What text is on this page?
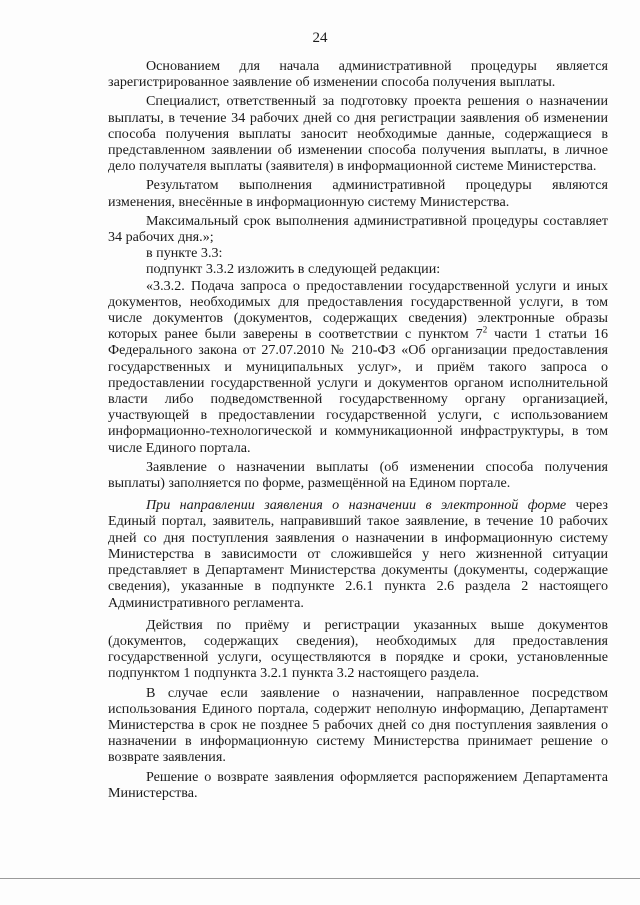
24

Основанием для начала административной процедуры является зарегистрированное заявление об изменении способа получения выплаты.

Специалист, ответственный за подготовку проекта решения о назначении выплаты, в течение 34 рабочих дней со дня регистрации заявления об изменении способа получения выплаты заносит необходимые данные, содержащиеся в представленном заявлении об изменении способа получения выплаты, в личное дело получателя выплаты (заявителя) в информационной системе Министерства.

Результатом выполнения административной процедуры являются изменения, внесённые в информационную систему Министерства.

Максимальный срок выполнения административной процедуры составляет 34 рабочих дня.»;

в пункте 3.3:

подпункт 3.3.2 изложить в следующей редакции:

«3.3.2. Подача запроса о предоставлении государственной услуги и иных документов, необходимых для предоставления государственной услуги, в том числе документов (документов, содержащих сведения) электронные образы которых ранее были заверены в соответствии с пунктом $7^2$ части 1 статьи 16 Федерального закона от 27.07.2010 № 210-ФЗ «Об организации предоставления государственных и муниципальных услуг», и приём такого запроса о предоставлении государственной услуги и документов органом исполнительной власти либо подведомственной государственному органу организацией, участвующей в предоставлении государственной услуги, с использованием информационно-технологической и коммуникационной инфраструктуры, в том числе Единого портала.

Заявление о назначении выплаты (об изменении способа получения выплаты) заполняется по форме, размещённой на Едином портале.

При направлении заявления о назначении в электронной форме через Единый портал, заявитель, направивший такое заявление, в течение 10 рабочих дней со дня поступления заявления о назначении в информационную систему Министерства в зависимости от сложившейся у него жизненной ситуации представляет в Департамент Министерства документы (документы, содержащие сведения), указанные в подпункте 2.6.1 пункта 2.6 раздела 2 настоящего Административного регламента.

Действия по приёму и регистрации указанных выше документов (документов, содержащих сведения), необходимых для предоставления государственной услуги, осуществляются в порядке и сроки, установленные подпунктом 1 подпункта 3.2.1 пункта 3.2 настоящего раздела.

В случае если заявление о назначении, направленное посредством использования Единого портала, содержит неполную информацию, Департамент Министерства в срок не позднее 5 рабочих дней со дня поступления заявления о назначении в информационную систему Министерства принимает решение о возврате заявления.

Решение о возврате заявления оформляется распоряжением Департамента Министерства.
